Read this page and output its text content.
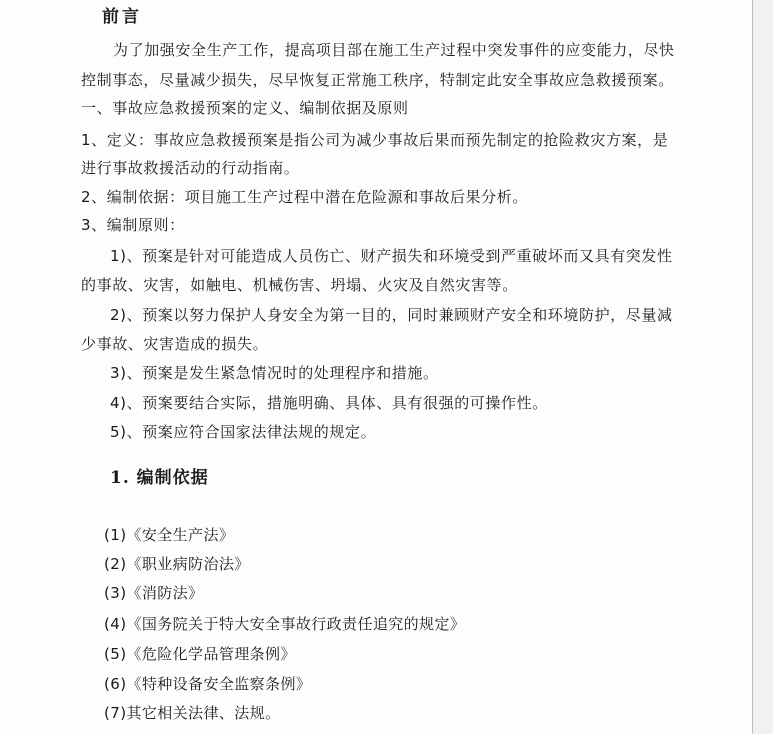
前言
为了加强安全生产工作，提高项目部在施工生产过程中突发事件的应变能力，尽快
控制事态，尽量减少损失，尽早恢复正常施工秩序，特制定此安全事故应急救援预案。
一、事故应急救援预案的定义、编制依据及原则
1、定义：事故应急救援预案是指公司为减少事故后果而预先制定的抢险救灾方案，是
进行事故救援活动的行动指南。
2、编制依据：项目施工生产过程中潜在危险源和事故后果分析。
3、编制原则：
1)、预案是针对可能造成人员伤亡、财产损失和环境受到严重破坏而又具有突发性
的事故、灾害，如触电、机械伤害、坍塌、火灾及自然灾害等。
2)、预案以努力保护人身安全为第一目的，同时兼顾财产安全和环境防护，尽量减
少事故、灾害造成的损失。
3)、预案是发生紧急情况时的处理程序和措施。
4)、预案要结合实际，措施明确、具体、具有很强的可操作性。
5)、预案应符合国家法律法规的规定。
1. 编制依据
(1)《安全生产法》
(2)《职业病防治法》
(3)《消防法》
(4)《国务院关于特大安全事故行政责任追究的规定》
(5)《危险化学品管理条例》
(6)《特种设备安全监察条例》
(7)其它相关法律、法规。
